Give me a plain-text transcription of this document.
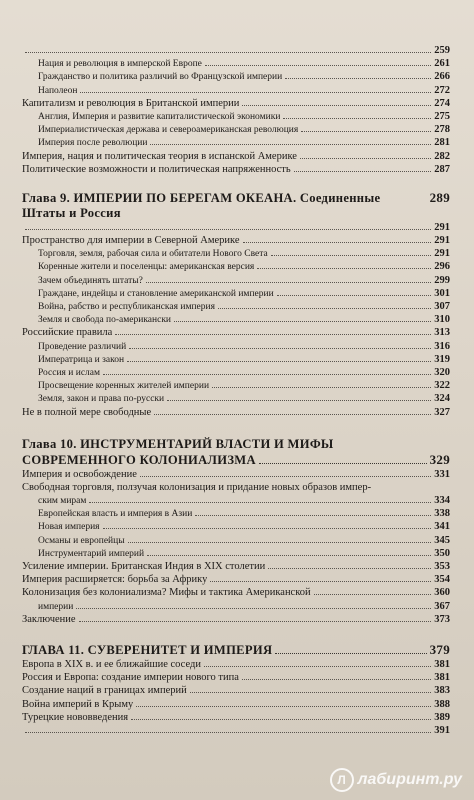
259
Нация и революция в имперской Европе	261
Гражданство и политика различий во Французской империи	266
Наполеон	272
Капитализм и революция в Британской империи	274
Англия, Империя и развитие капиталистической экономики	275
Империалистическая держава и североамериканская революция	278
Империя после революции	281
Империя, нация и политическая теория в испанской Америке	282
Политические возможности и политическая напряженность	287
Глава 9. ИМПЕРИИ ПО БЕРЕГАМ ОКЕАНА. Соединенные	289
Штаты и Россия
291
Пространство для империи в Северной Америке	291
Торговля, земля, рабочая сила и обитатели Нового Света	291
Коренные жители и поселенцы: американская версия	296
Зачем объединять штаты?	299
Граждане, индейцы и становление американской империи	301
Война, рабство и республиканская империя	307
Земля и свобода по-американски	310
Российские правила	313
Проведение различий	316
Императрица и закон	319
Россия и ислам	320
Просвещение коренных жителей империи	322
Земля, закон и права по-русски	324
Не в полной мере свободные	327
Глава 10. ИНСТРУМЕНТАРИЙ ВЛАСТИ И МИФЫ
СОВРЕМЕННОГО КОЛОНИАЛИЗМА	329
Империя и освобождение	331
Свободная торговля, ползучая колонизация и придание новых образов импер-
ским мирам	334
Европейская власть и империя в Азии	338
Новая империя	341
Османы и европейцы	345
Инструментарий империй	350
Усиление империи. Британская Индия в XIX столетии	353
Империя расширяется: борьба за Африку	354
Колонизация без колониализма? Мифы и тактика Американской	360
империи	367
Заключение	373
ГЛАВА 11. СУВЕРЕНИТЕТ И ИМПЕРИЯ	379
Европа в XIX в. и ее ближайшие соседи	381
Россия и Европа: создание империи нового типа	381
Создание наций в границах империй	383
Война империй в Крыму	388
Турецкие нововведения	389
391
Л лабиринт.ру
